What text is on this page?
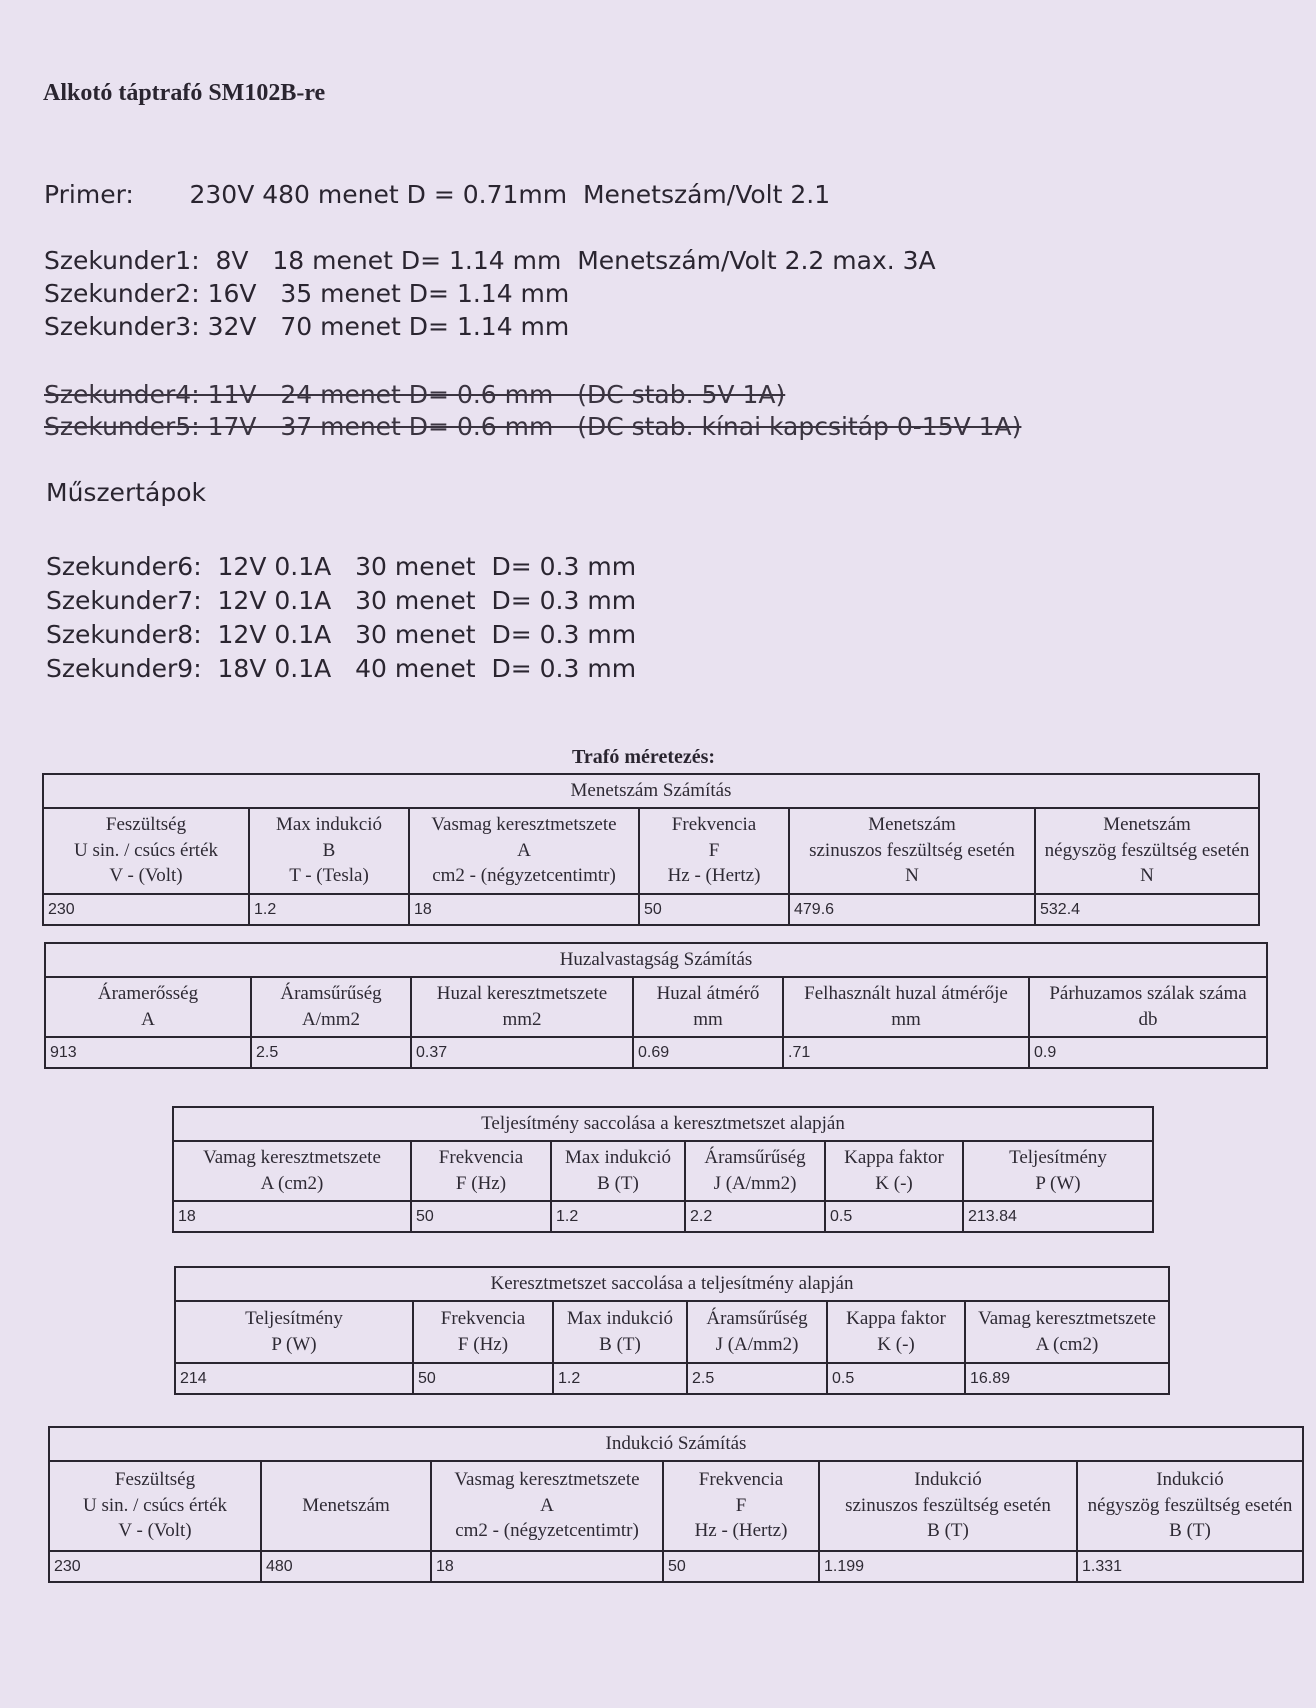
Alkotó táptrafó SM102B-re
Primer:       230V 480 menet D = 0.71mm  Menetszám/Volt 2.1
Szekunder1:  8V   18 menet D= 1.14 mm  Menetszám/Volt 2.2 max. 3A
Szekunder2: 16V   35 menet D= 1.14 mm
Szekunder3: 32V   70 menet D= 1.14 mm
Szekunder4: 11V   24 menet D= 0.6 mm   (DC stab. 5V 1A)
Szekunder5: 17V   37 menet D= 0.6 mm   (DC stab. kínai kapcsitáp 0-15V 1A)
Műszertápok
Szekunder6:  12V 0.1A   30 menet  D= 0.3 mm
Szekunder7:  12V 0.1A   30 menet  D= 0.3 mm
Szekunder8:  12V 0.1A   30 menet  D= 0.3 mm
Szekunder9:  18V 0.1A   40 menet  D= 0.3 mm
Trafó méretezés:
Menetszám Számítás					
Feszültség
U sin. / csúcs érték
V - (Volt)	Max indukció
B
T - (Tesla)	Vasmag keresztmetszete
A
cm2 - (négyzetcentimtr)	Frekvencia
F
Hz - (Hertz)	Menetszám
szinuszos feszültség esetén
N	Menetszám
négyszög feszültség esetén
N
230	1.2	18	50	479.6	532.4
Huzalvastagság Számítás					
Áramerősség
A	Áramsűrűség
A/mm2	Huzal keresztmetszete
mm2	Huzal átmérő
mm	Felhasznált huzal átmérője
mm	Párhuzamos szálak száma
db
913	2.5	0.37	0.69	.71	0.9
Teljesítmény saccolása a keresztmetszet alapján					
Vamag keresztmetszete
A (cm2)	Frekvencia
F (Hz)	Max indukció
B (T)	Áramsűrűség
J (A/mm2)	Kappa faktor
K (-)	Teljesítmény
P (W)
18	50	1.2	2.2	0.5	213.84
Keresztmetszet saccolása a teljesítmény alapján					
Teljesítmény
P (W)	Frekvencia
F (Hz)	Max indukció
B (T)	Áramsűrűség
J (A/mm2)	Kappa faktor
K (-)	Vamag keresztmetszete
A (cm2)
214	50	1.2	2.5	0.5	16.89
Indukció Számítás					
Feszültség
U sin. / csúcs érték
V - (Volt)	Menetszám	Vasmag keresztmetszete
A
cm2 - (négyzetcentimtr)	Frekvencia
F
Hz - (Hertz)	Indukció
szinuszos feszültség esetén
B (T)	Indukció
négyszög feszültség esetén
B (T)
230	480	18	50	1.199	1.331
